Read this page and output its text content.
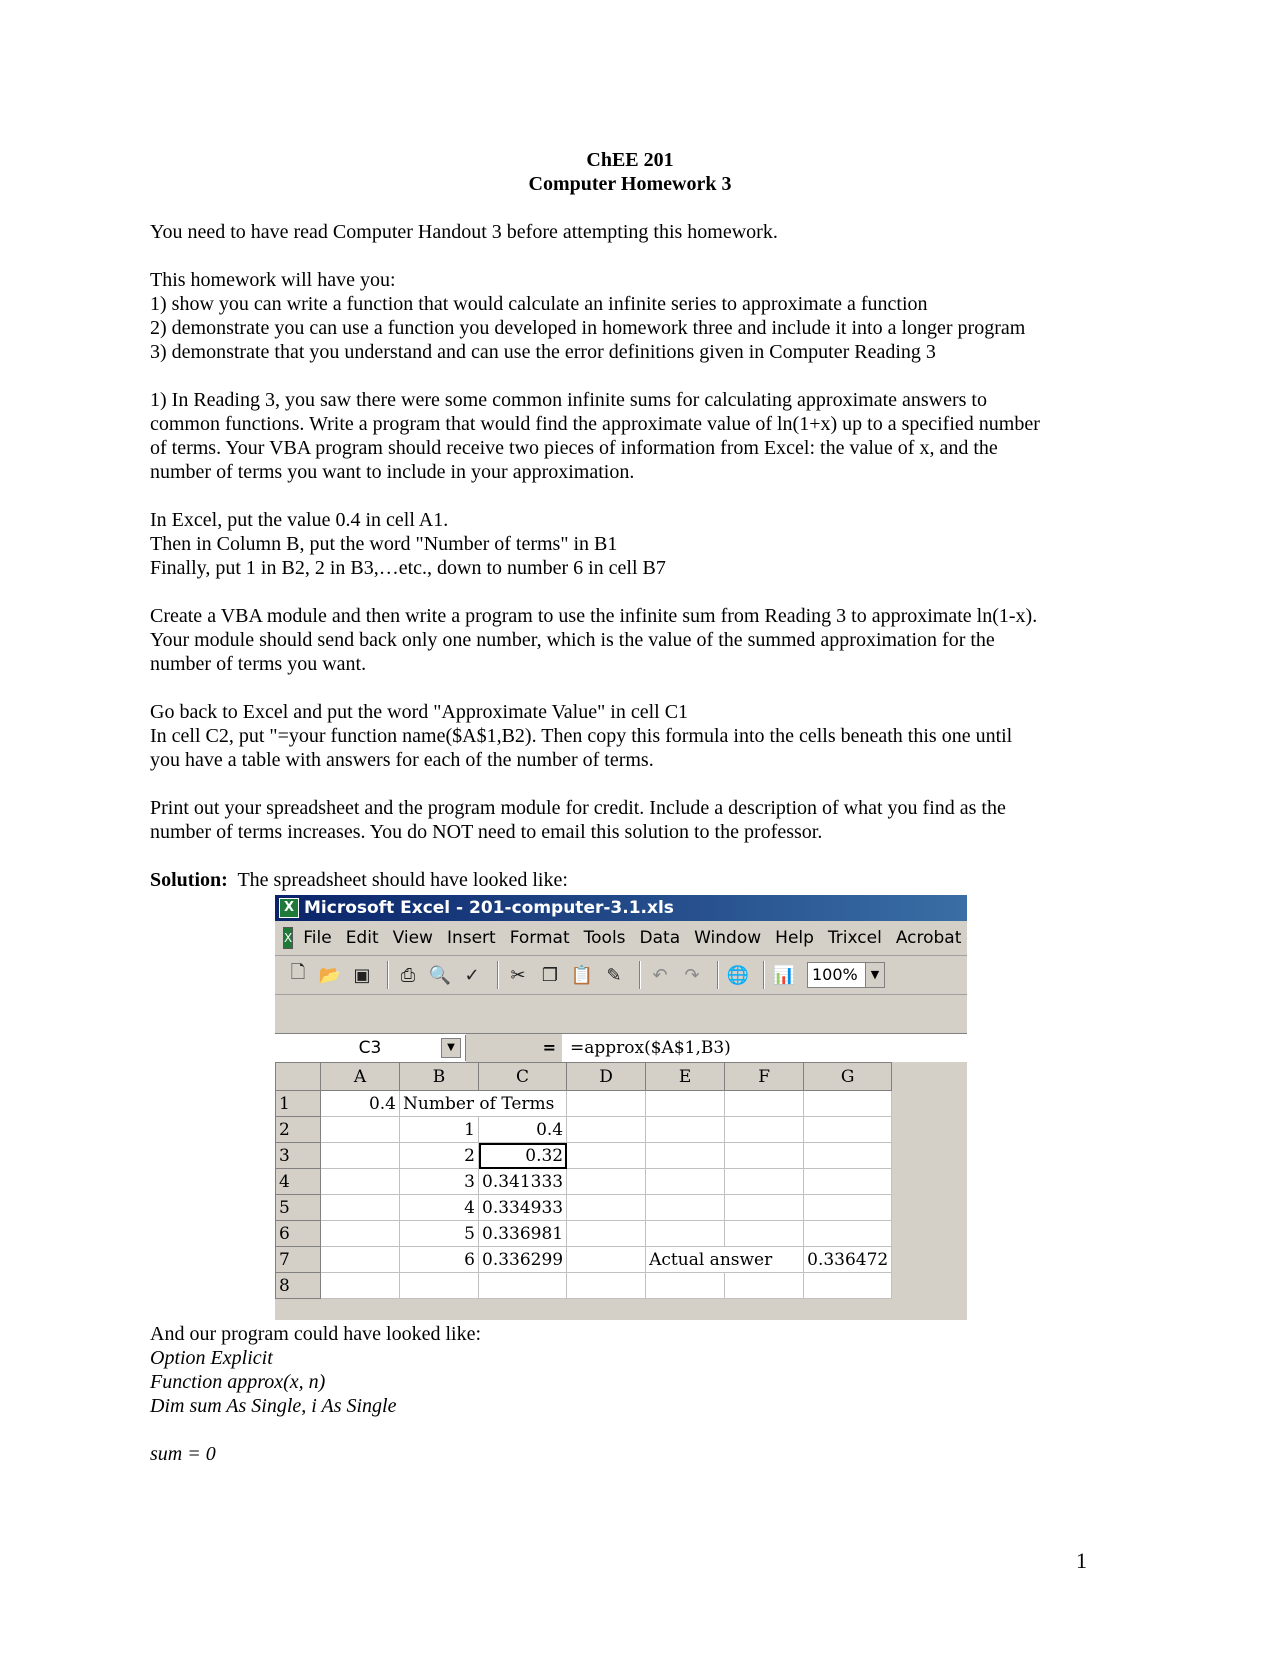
ChEE 201

Computer Homework 3

You need to have read Computer Handout 3 before attempting this homework.

This homework will have you:

1) show you can write a function that would calculate an infinite series to approximate a function

2) demonstrate you can use a function you developed in homework three and include it into a longer program

3) demonstrate that you understand and can use the error definitions given in Computer Reading 3

1) In Reading 3, you saw there were some common infinite sums for calculating approximate answers to

common functions. Write a program that would find the approximate value of ln(1+x) up to a specified number

of terms. Your VBA program should receive two pieces of information from Excel: the value of x, and the

number of terms you want to include in your approximation.

In Excel, put the value 0.4 in cell A1.

Then in Column B, put the word "Number of terms" in B1

Finally, put 1 in B2, 2 in B3,…etc., down to number 6 in cell B7

Create a VBA module and then write a program to use the infinite sum from Reading 3 to approximate ln(1-x).

Your module should send back only one number, which is the value of the summed approximation for the

number of terms you want.

Go back to Excel and put the word "Approximate Value" in cell C1

In cell C2, put "=your function name($A$1,B2). Then copy this formula into the cells beneath this one until

you have a table with answers for each of the number of terms.

Print out your spreadsheet and the program module for credit. Include a description of what you find as the

number of terms increases. You do NOT need to email this solution to the professor.

Solution: The spreadsheet should have looked like:

X Microsoft Excel - 201-computer-3.1.xls
X File Edit View Insert Format Tools Data Window Help Trixcel Acrobat
🗋 📂 ▣	⎙ 🔍 ✓	✂ ❐ 📋 ✎	↶ ↷	🌐 📊	100%	▼
C3	▼	= =approx($A$1,B3)
	A	B	C	D	E	F	G
1	0.4	Number of Terms					
2		1	0.4				
3		2	0.32				
4		3	0.341333				
5		4	0.334933				
6		5	0.336981				
7		6	0.336299		Actual answer		0.336472
8							

And our program could have looked like:

Option Explicit

Function approx(x, n)

Dim sum As Single, i As Single

sum = 0

1
